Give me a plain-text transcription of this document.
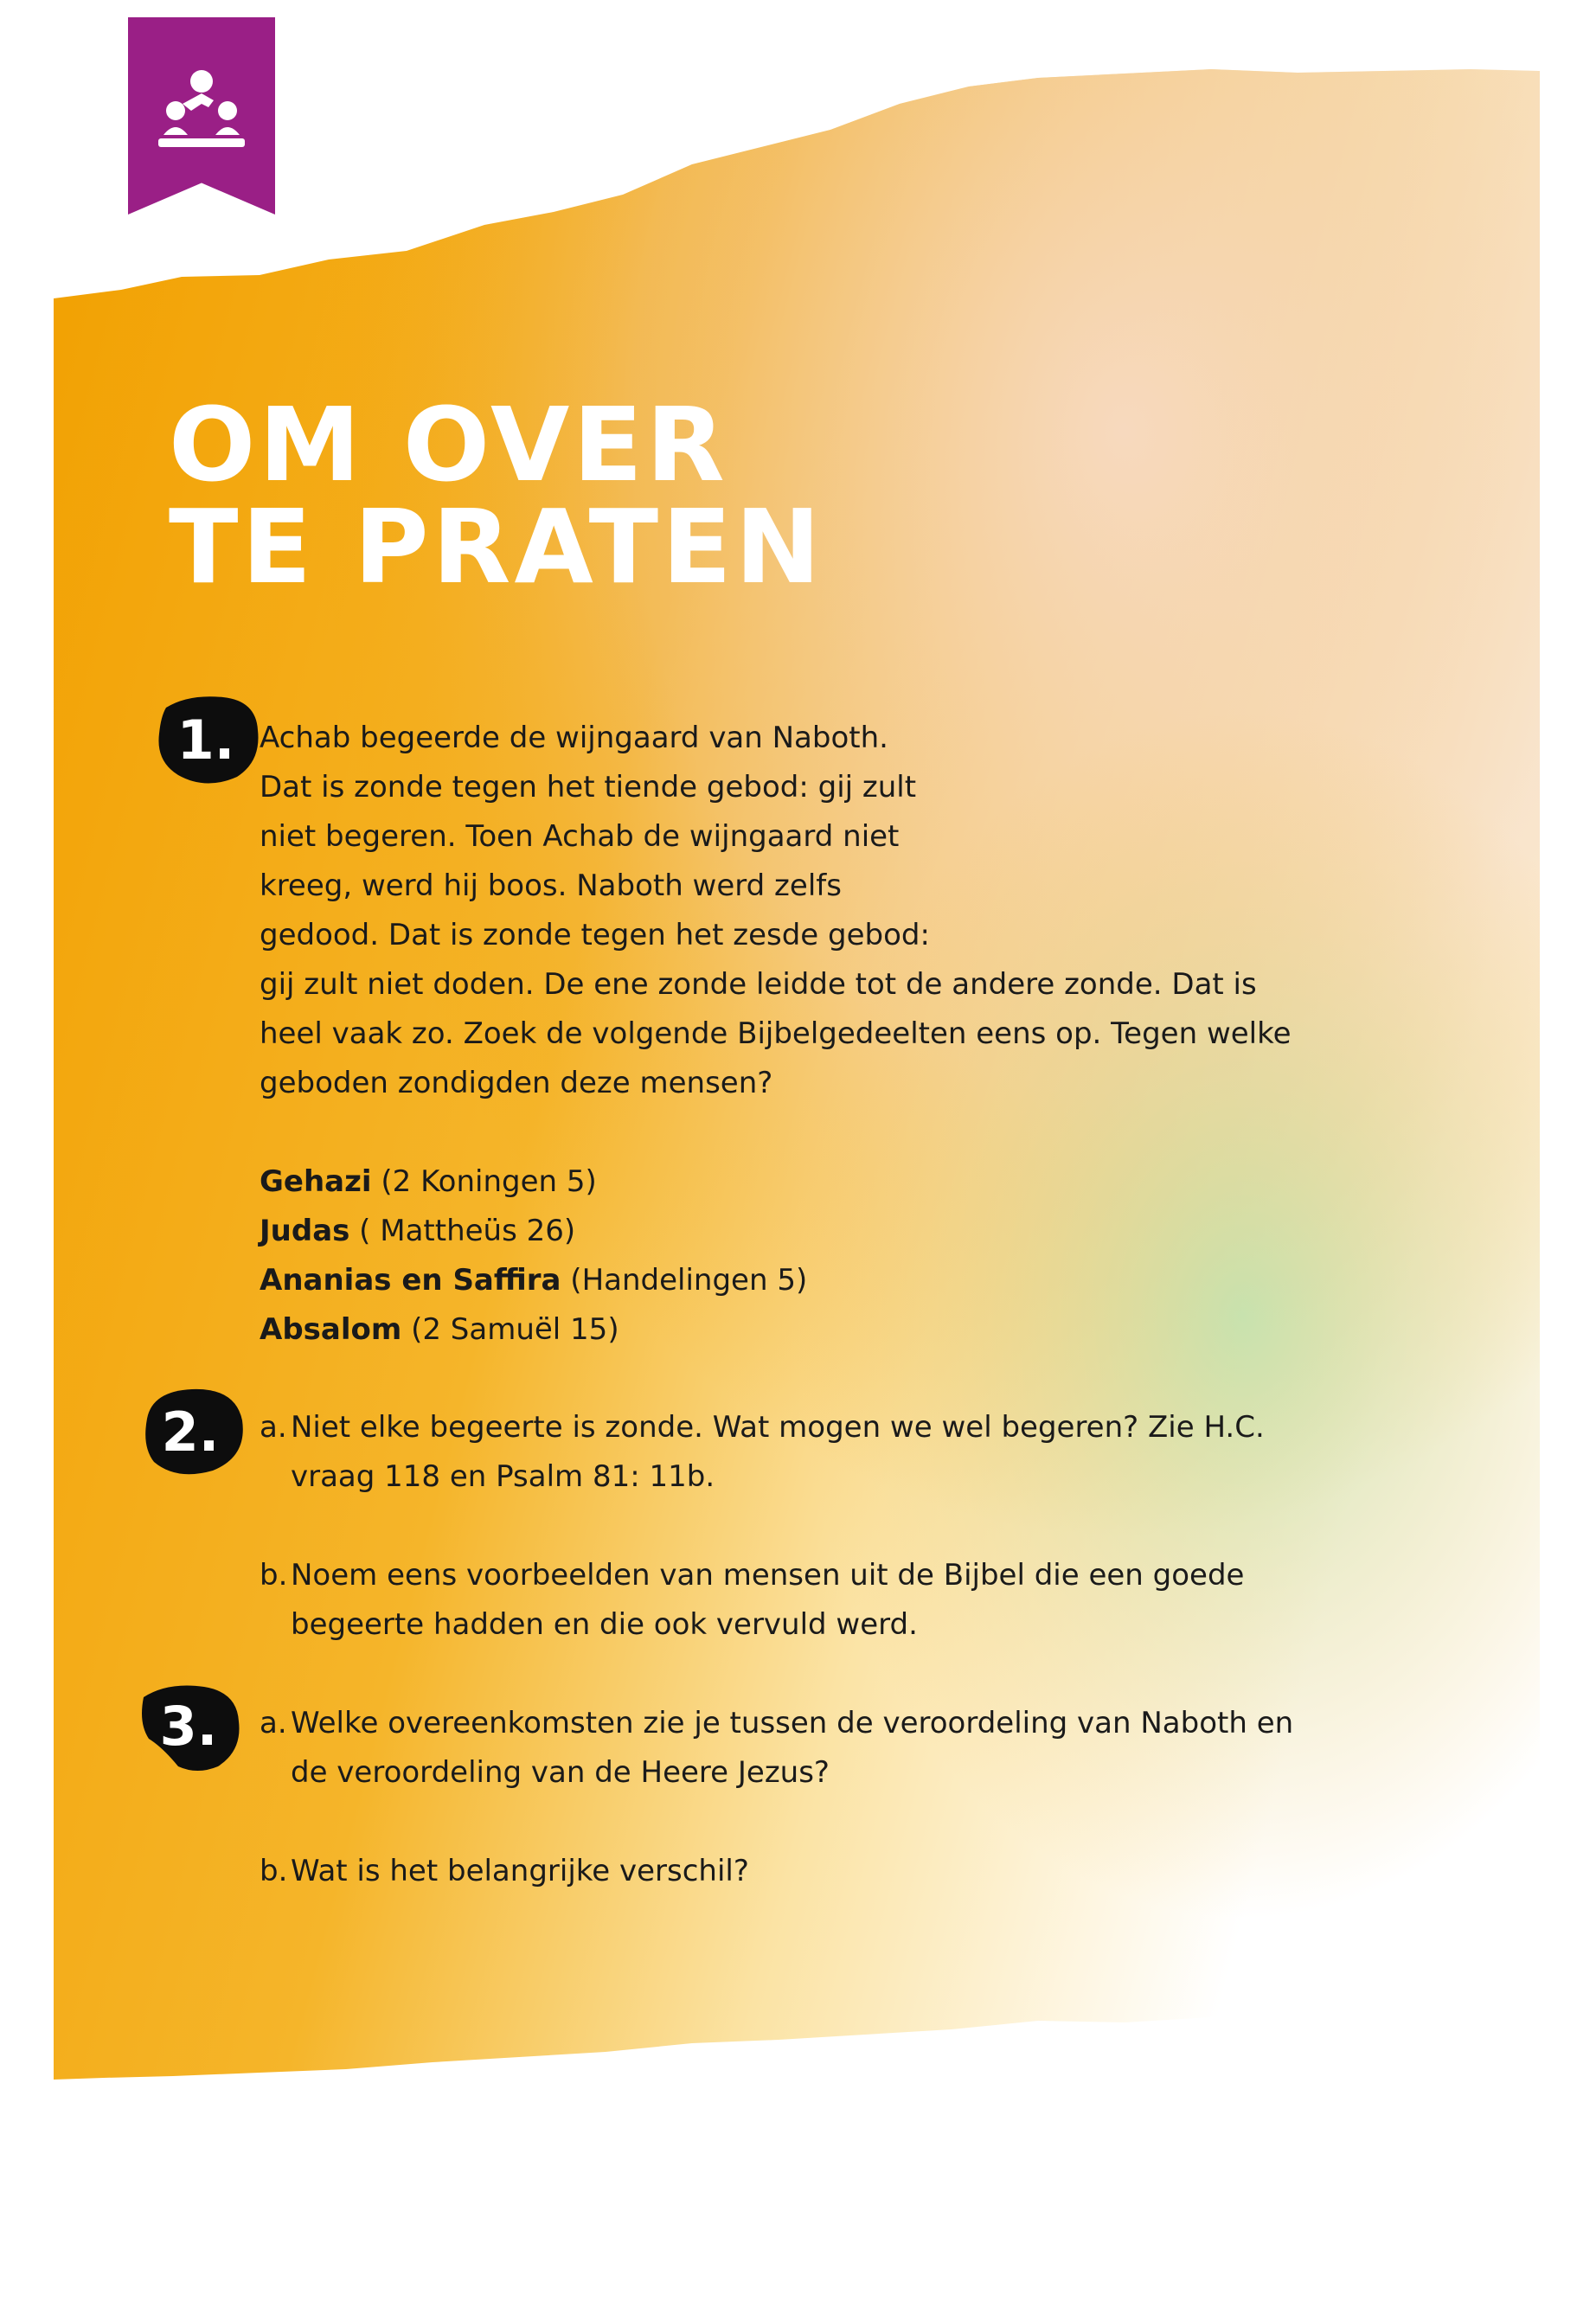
OM OVER
TE PRATEN
1. Achab begeerde de wijngaard van Naboth.
Dat is zonde tegen het tiende gebod: gij zult
niet begeren. Toen Achab de wijngaard niet
kreeg, werd hij boos. Naboth werd zelfs
gedood. Dat is zonde tegen het zesde gebod:
gij zult niet doden. De ene zonde leidde tot de andere zonde. Dat is
heel vaak zo. Zoek de volgende Bijbelgedeelten eens op. Tegen welke
geboden zondigden deze mensen?
Gehazi (2 Koningen 5)
Judas ( Mattheüs 26)
Ananias en Saffira (Handelingen 5)
Absalom (2 Samuël 15)
2.	a. Niet elke begeerte is zonde. Wat mogen we wel begeren? Zie H.C.
vraag 118 en Psalm 81: 11b.
b. Noem eens voorbeelden van mensen uit de Bijbel die een goede
begeerte hadden en die ook vervuld werd.
3.	a. Welke overeenkomsten zie je tussen de veroordeling van Naboth en
de veroordeling van de Heere Jezus?
b. Wat is het belangrijke verschil?
